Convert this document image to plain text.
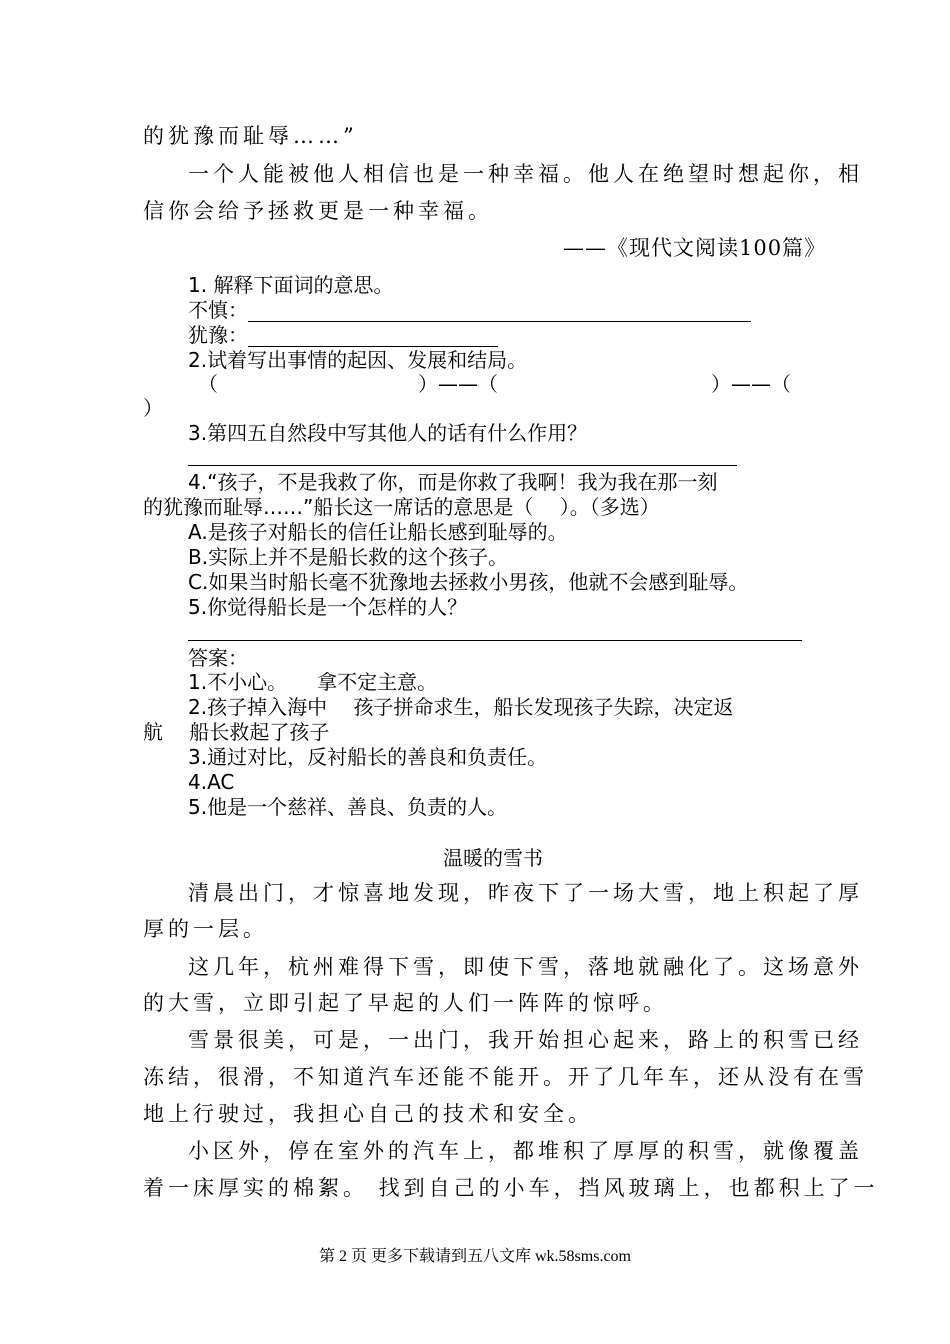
的犹豫而耻辱……”
一个人能被他人相信也是一种幸福。他人在绝望时想起你，相
信你会给予拯救更是一种幸福。
——《现代文阅读100篇》
1. 解释下面词的意思。
不慎：
犹豫：
2.试着写出事情的起因、发展和结局。
（	）——（	）——（
）
3.第四五自然段中写其他人的话有什么作用？
4.“孩子，不是我救了你，而是你救了我啊！我为我在那一刻
的犹豫而耻辱……”船长这一席话的意思是（　 ）。（多选）
A.是孩子对船长的信任让船长感到耻辱的。
B.实际上并不是船长救的这个孩子。
C.如果当时船长毫不犹豫地去拯救小男孩，他就不会感到耻辱。
5.你觉得船长是一个怎样的人？
答案：
1.不小心。　　拿不定主意。
2.孩子掉入海中　 孩子拼命求生，船长发现孩子失踪，决定返
航　 船长救起了孩子
3.通过对比，反衬船长的善良和负责任。
4.AC
5.他是一个慈祥、善良、负责的人。
温暖的雪书
清晨出门，才惊喜地发现，昨夜下了一场大雪，地上积起了厚
厚的一层。
这几年，杭州难得下雪，即使下雪，落地就融化了。这场意外
的大雪，立即引起了早起的人们一阵阵的惊呼。
雪景很美，可是，一出门，我开始担心起来，路上的积雪已经
冻结，很滑，不知道汽车还能不能开。开了几年车，还从没有在雪
地上行驶过，我担心自己的技术和安全。
小区外，停在室外的汽车上，都堆积了厚厚的积雪，就像覆盖
着一床厚实的棉絮。 找到自己的小车，挡风玻璃上，也都积上了一
第 2 页 更多下载请到五八文库 wk.58sms.com
